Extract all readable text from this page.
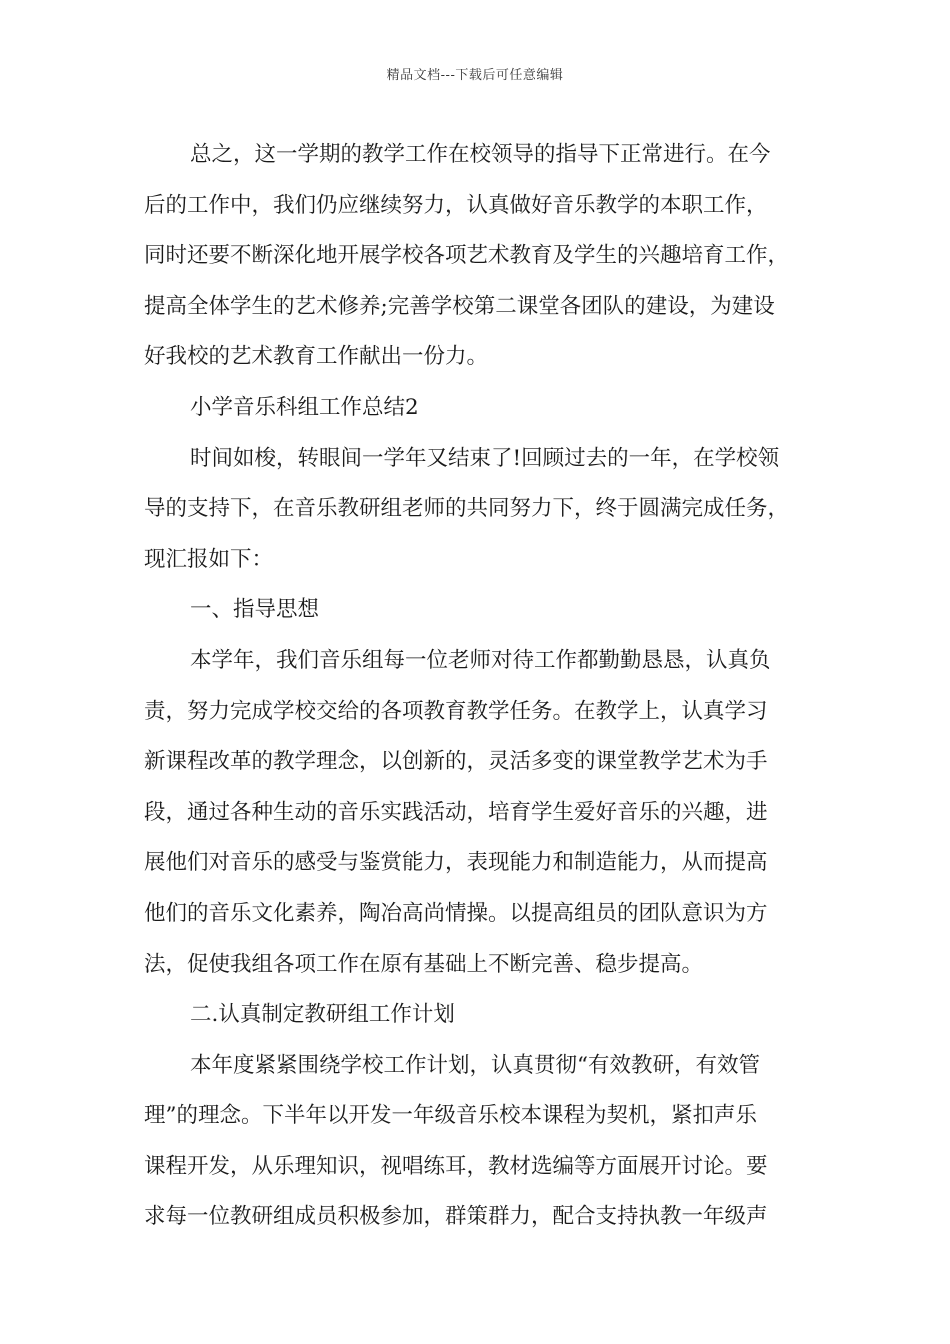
精品文档---下载后可任意编辑
总之，这一学期的教学工作在校领导的指导下正常进行。在今
后的工作中，我们仍应继续努力，认真做好音乐教学的本职工作，
同时还要不断深化地开展学校各项艺术教育及学生的兴趣培育工作，
提高全体学生的艺术修养;完善学校第二课堂各团队的建设，为建设
好我校的艺术教育工作献出一份力。
小学音乐科组工作总结2
时间如梭，转眼间一学年又结束了!回顾过去的一年，在学校领
导的支持下，在音乐教研组老师的共同努力下，终于圆满完成任务，
现汇报如下：
一、指导思想
本学年，我们音乐组每一位老师对待工作都勤勤恳恳，认真负
责，努力完成学校交给的各项教育教学任务。在教学上，认真学习
新课程改革的教学理念，以创新的，灵活多变的课堂教学艺术为手
段，通过各种生动的音乐实践活动，培育学生爱好音乐的兴趣，进
展他们对音乐的感受与鉴赏能力，表现能力和制造能力，从而提高
他们的音乐文化素养，陶冶高尚情操。以提高组员的团队意识为方
法，促使我组各项工作在原有基础上不断完善、稳步提高。
二.认真制定教研组工作计划
本年度紧紧围绕学校工作计划，认真贯彻“有效教研，有效管
理”的理念。下半年以开发一年级音乐校本课程为契机，紧扣声乐
课程开发，从乐理知识，视唱练耳，教材选编等方面展开讨论。要
求每一位教研组成员积极参加，群策群力，配合支持执教一年级声
